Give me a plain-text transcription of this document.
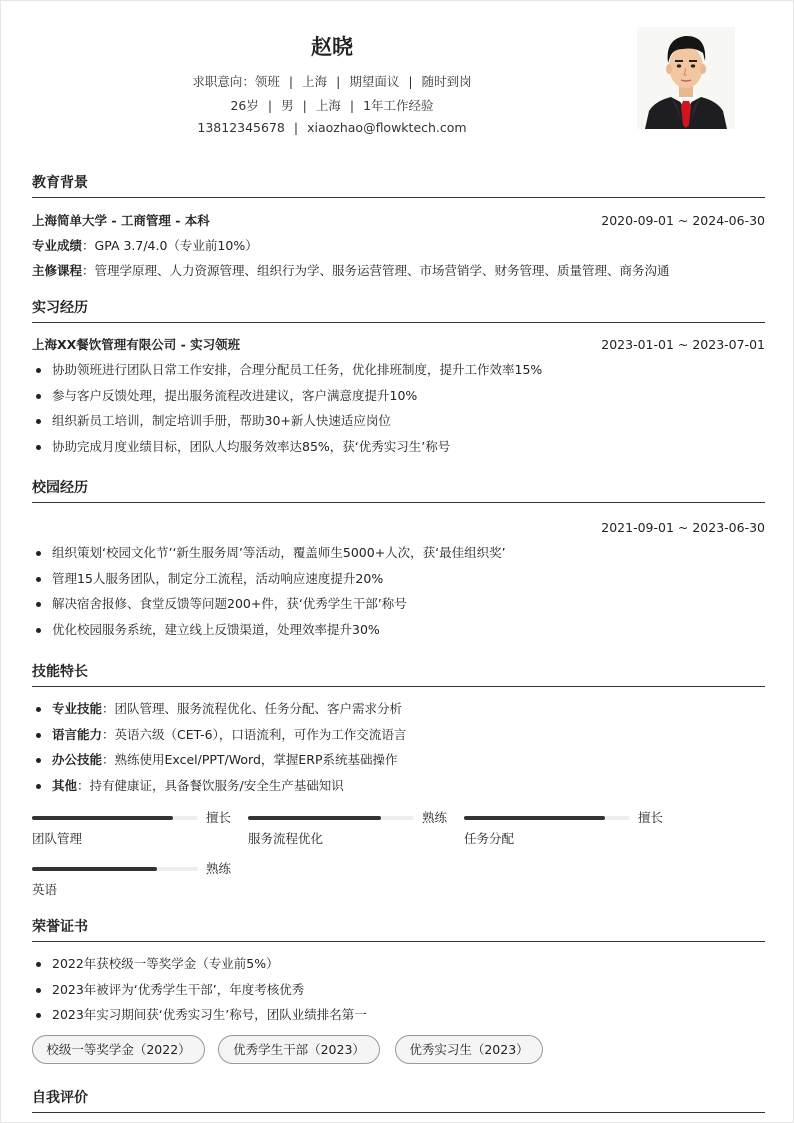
赵晓
求职意向：领班 | 上海 | 期望面议 | 随时到岗
26岁 | 男 | 上海 | 1年工作经验
13812345678 | xiaozhao@flowktech.com
教育背景
上海简单大学 - 工商管理 - 本科	2020-09-01 ~ 2024-06-30
专业成绩：GPA 3.7/4.0（专业前10%）
主修课程：管理学原理、人力资源管理、组织行为学、服务运营管理、市场营销学、财务管理、质量管理、商务沟通
实习经历
上海XX餐饮管理有限公司 - 实习领班	2023-01-01 ~ 2023-07-01
协助领班进行团队日常工作安排，合理分配员工任务，优化排班制度，提升工作效率15%
参与客户反馈处理，提出服务流程改进建议，客户满意度提升10%
组织新员工培训，制定培训手册，帮助30+新人快速适应岗位
协助完成月度业绩目标，团队人均服务效率达85%，获‘优秀实习生’称号
校园经历
2021-09-01 ~ 2023-06-30
组织策划‘校园文化节’‘新生服务周’等活动，覆盖师生5000+人次，获‘最佳组织奖’
管理15人服务团队，制定分工流程，活动响应速度提升20%
解决宿舍报修、食堂反馈等问题200+件，获‘优秀学生干部’称号
优化校园服务系统，建立线上反馈渠道，处理效率提升30%
技能特长
专业技能：团队管理、服务流程优化、任务分配、客户需求分析
语言能力：英语六级（CET-6），口语流利，可作为工作交流语言
办公技能：熟练使用Excel/PPT/Word，掌握ERP系统基础操作
其他：持有健康证，具备餐饮服务/安全生产基础知识
擅长
团队管理
熟练
服务流程优化
擅长
任务分配
熟练
英语
荣誉证书
2022年获校级一等奖学金（专业前5%）
2023年被评为‘优秀学生干部’，年度考核优秀
2023年实习期间获‘优秀实习生’称号，团队业绩排名第一
校级一等奖学金（2022）	优秀学生干部（2023）	优秀实习生（2023）
自我评价
